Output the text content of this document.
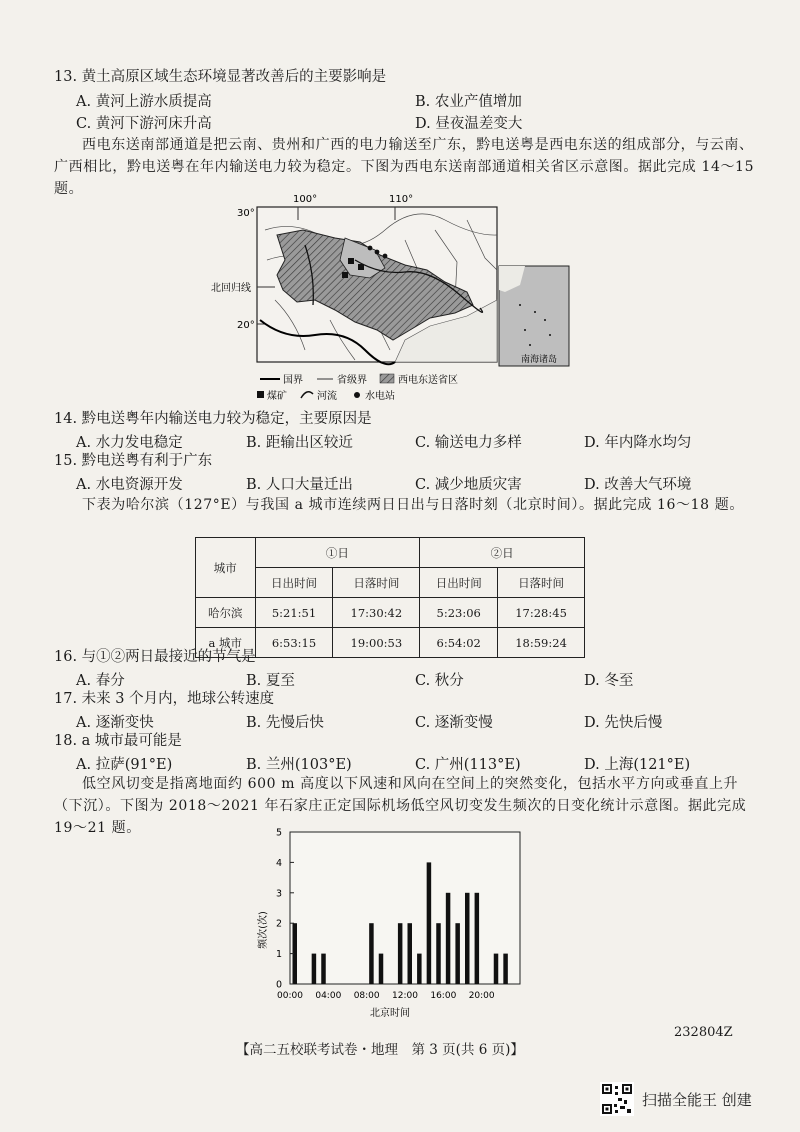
13. 黄土高原区域生态环境显著改善后的主要影响是
A. 黄河上游水质提高	B. 农业产值增加
C. 黄河下游河床升高	D. 昼夜温差变大
西电东送南部通道是把云南、贵州和广西的电力输送至广东，黔电送粤是西电东送的组成部分，与云南、广西相比，黔电送粤在年内输送电力较为稳定。下图为西电东送南部通道相关省区示意图。据此完成 14～15 题。
100°	110°
30°
20°
北回归线
南海诸岛
国界	省级界	西电东送省区
煤矿	河流	水电站
14. 黔电送粤年内输送电力较为稳定，主要原因是
A. 水力发电稳定	B. 距输出区较近	C. 输送电力多样	D. 年内降水均匀
15. 黔电送粤有利于广东
A. 水电资源开发	B. 人口大量迁出	C. 减少地质灾害	D. 改善大气环境
下表为哈尔滨（127°E）与我国 a 城市连续两日日出与日落时刻（北京时间）。据此完成 16～18 题。
城市	①日		②日	
	日出时间	日落时间	日出时间	日落时间
哈尔滨	5:21:51	17:30:42	5:23:06	17:28:45
a 城市	6:53:15	19:00:53	6:54:02	18:59:24
16. 与①②两日最接近的节气是
A. 春分	B. 夏至	C. 秋分	D. 冬至
17. 未来 3 个月内，地球公转速度
A. 逐渐变快	B. 先慢后快	C. 逐渐变慢	D. 先快后慢
18. a 城市最可能是
A. 拉萨(91°E)	B. 兰州(103°E)	C. 广州(113°E)	D. 上海(121°E)
低空风切变是指离地面约 600 m 高度以下风速和风向在空间上的突然变化，包括水平方向或垂直上升（下沉）。下图为 2018～2021 年石家庄正定国际机场低空风切变发生频次的日变化统计示意图。据此完成 19～21 题。
频次(次)
北京时间
0
1
2
3
4
5
00:00 04:00 08:00 12:00 16:00 20:00
【高二五校联考试卷・地理　第 3 页(共 6 页)】
232804Z
扫描全能王 创建
